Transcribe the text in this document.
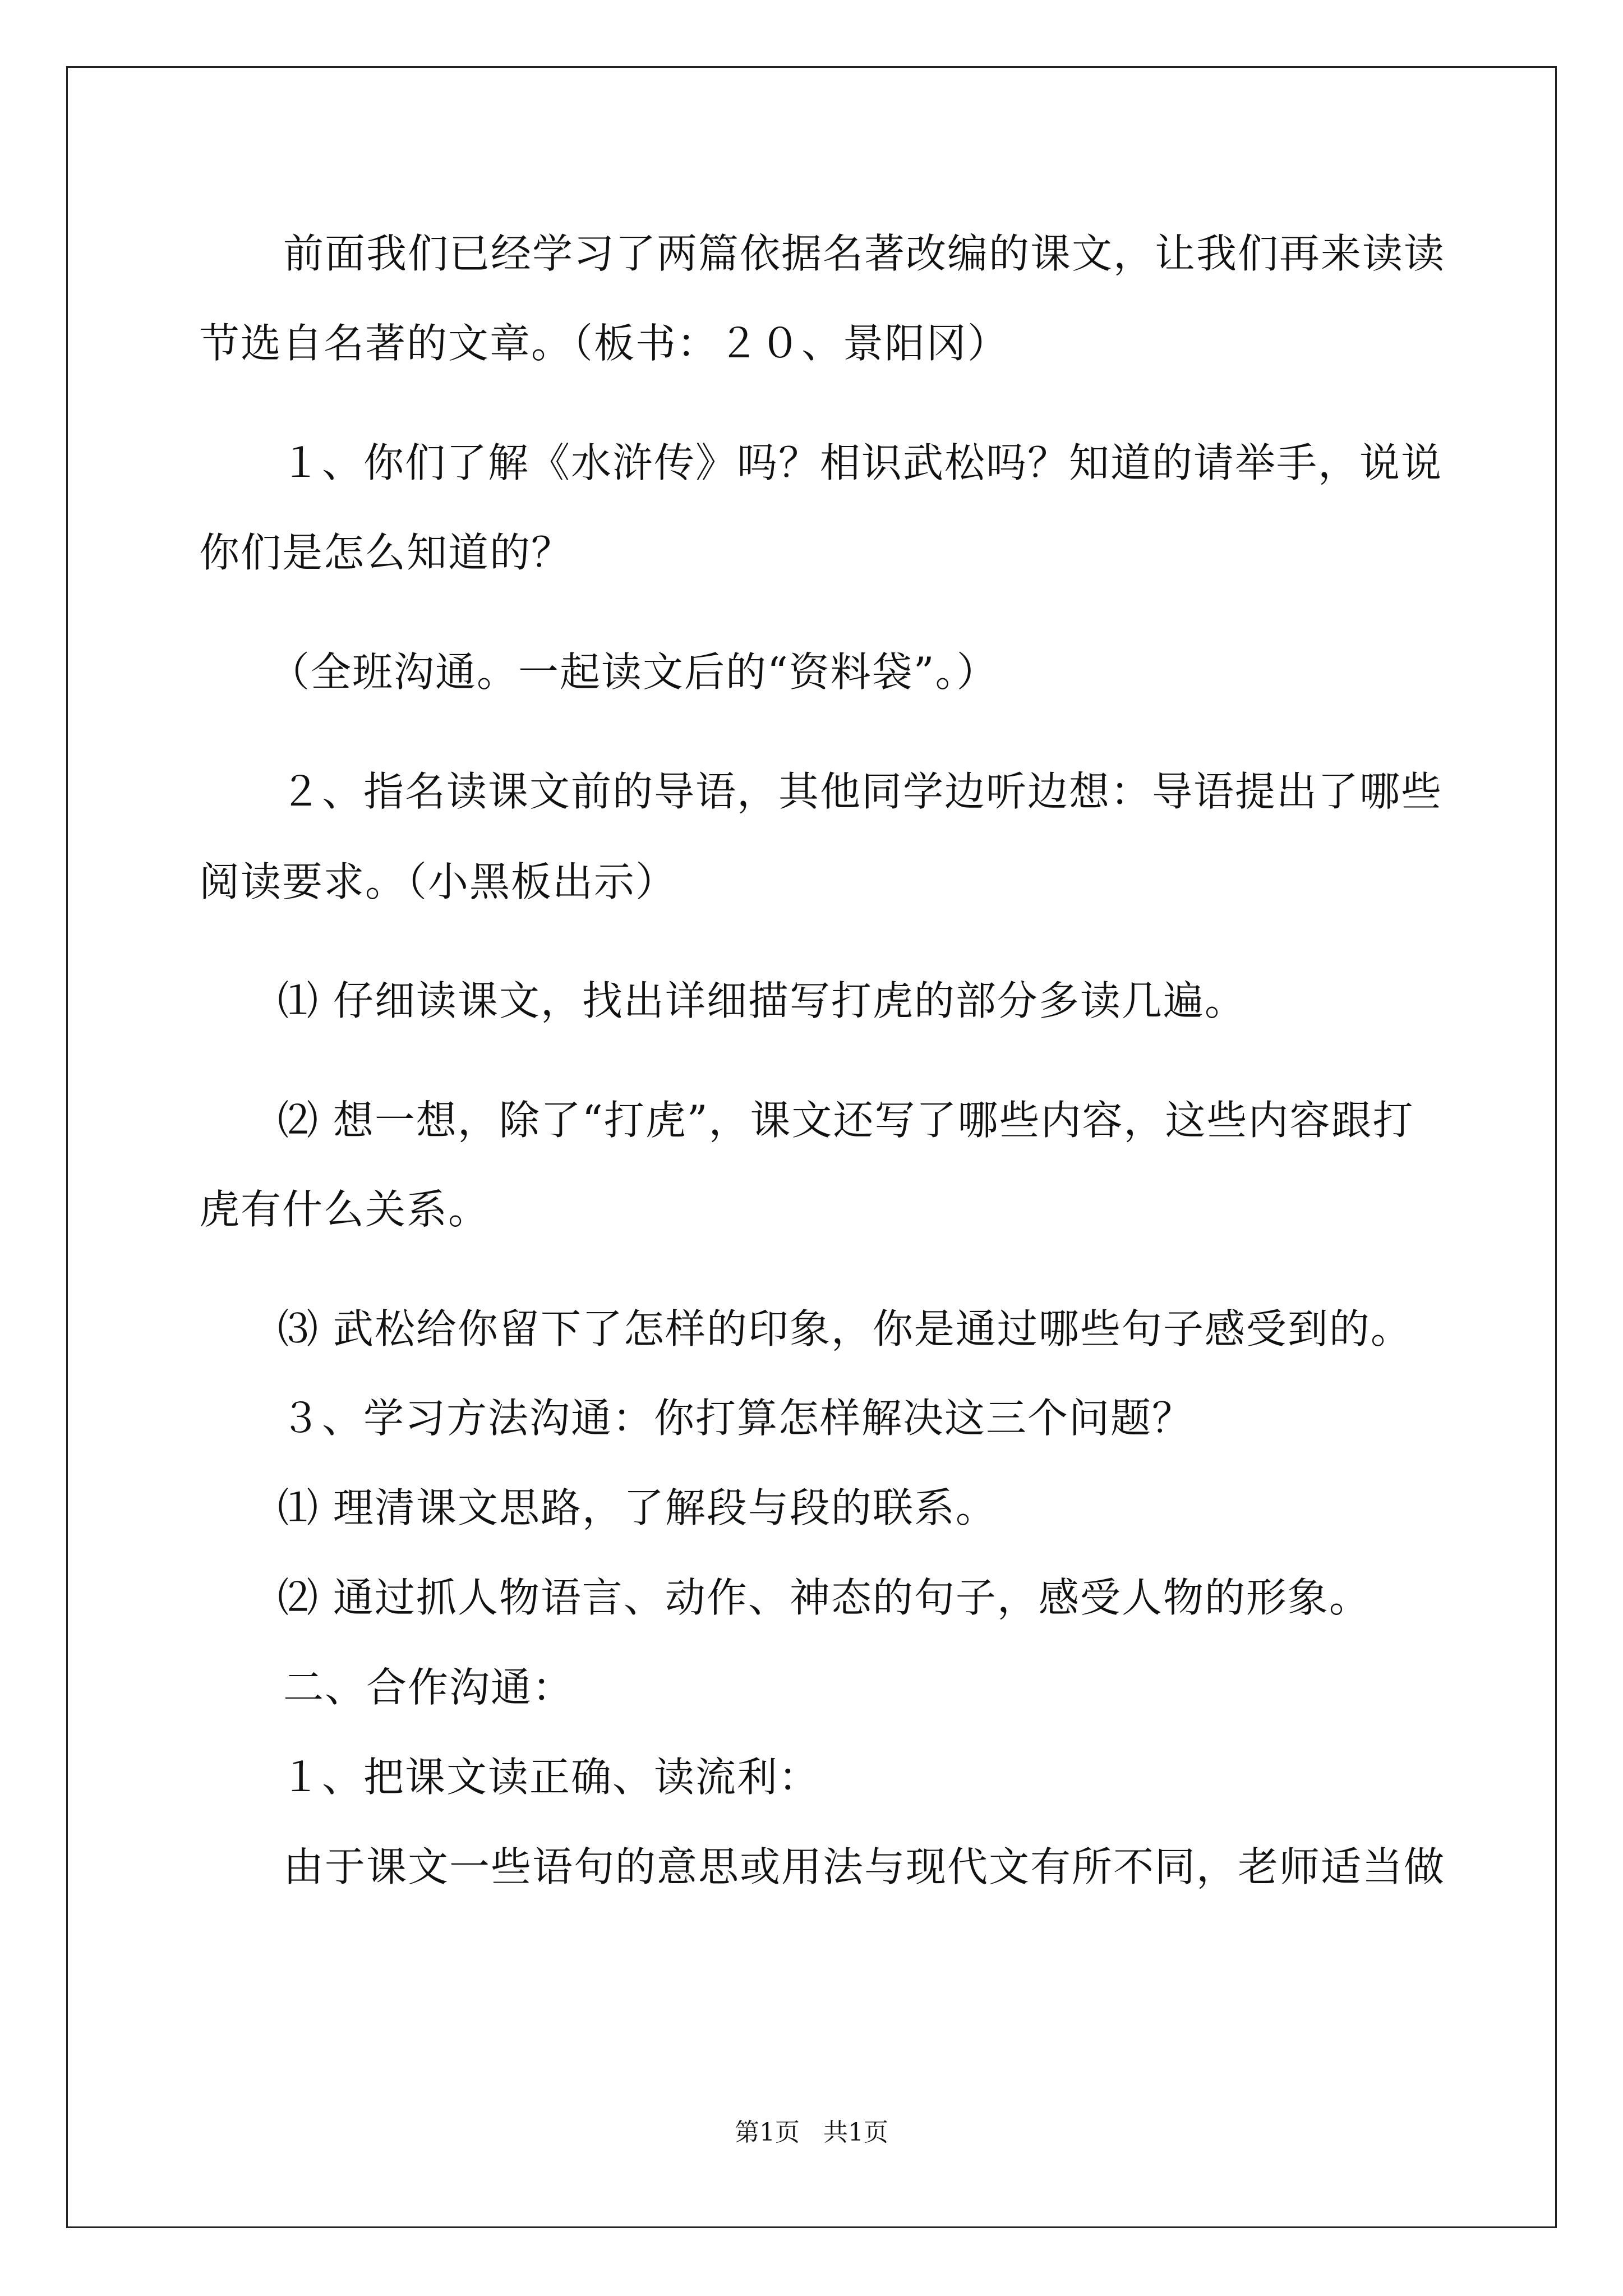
前面我们已经学习了两篇依据名著改编的课文，让我们再来读读
节选自名著的文章。（板书：２０、景阳冈）
１、你们了解《水浒传》吗？相识武松吗？知道的请举手，说说
你们是怎么知道的？
（全班沟通。一起读文后的“资料袋”。）
２、指名读课文前的导语，其他同学边听边想：导语提出了哪些
阅读要求。（小黑板出示）
⑴ 仔细读课文，找出详细描写打虎的部分多读几遍。
⑵ 想一想，除了“打虎”，课文还写了哪些内容，这些内容跟打
虎有什么关系。
⑶ 武松给你留下了怎样的印象，你是通过哪些句子感受到的。
３、学习方法沟通：你打算怎样解决这三个问题？
⑴ 理清课文思路，了解段与段的联系。
⑵ 通过抓人物语言、动作、神态的句子，感受人物的形象。
二、合作沟通：
１、把课文读正确、读流利：
由于课文一些语句的意思或用法与现代文有所不同，老师适当做
第1页   共1页
